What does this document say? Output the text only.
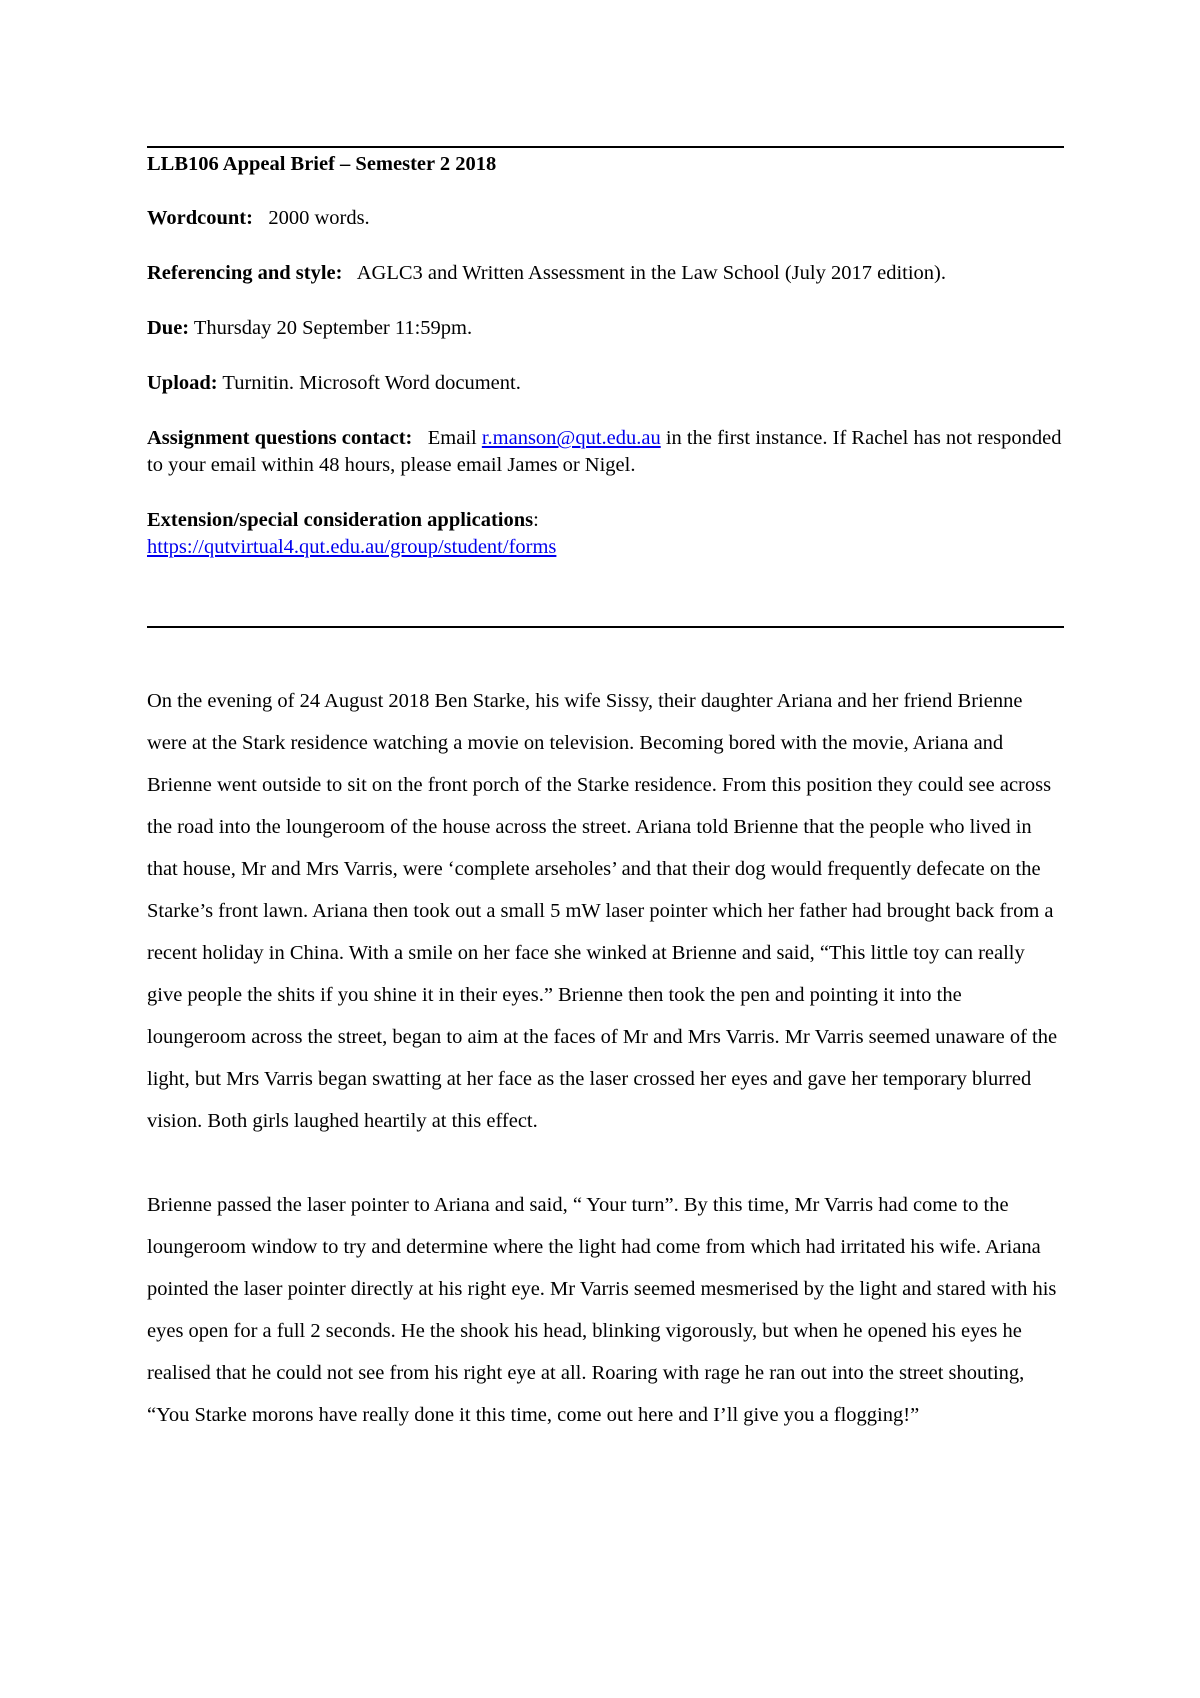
LLB106 Appeal Brief – Semester 2 2018

Wordcount: 2000 words.

Referencing and style: AGLC3 and Written Assessment in the Law School (July 2017 edition).

Due: Thursday 20 September 11:59pm.

Upload: Turnitin. Microsoft Word document.

Assignment questions contact: Email r.manson@qut.edu.au in the first instance. If Rachel has not responded to your email within 48 hours, please email James or Nigel.

Extension/special consideration applications:
https://qutvirtual4.qut.edu.au/group/student/forms

On the evening of 24 August 2018 Ben Starke, his wife Sissy, their daughter Ariana and her friend Brienne were at the Stark residence watching a movie on television. Becoming bored with the movie, Ariana and Brienne went outside to sit on the front porch of the Starke residence. From this position they could see across the road into the loungeroom of the house across the street. Ariana told Brienne that the people who lived in that house, Mr and Mrs Varris, were ‘complete arseholes’ and that their dog would frequently defecate on the Starke’s front lawn. Ariana then took out a small 5 mW laser pointer which her father had brought back from a recent holiday in China. With a smile on her face she winked at Brienne and said, “This little toy can really give people the shits if you shine it in their eyes.” Brienne then took the pen and pointing it into the loungeroom across the street, began to aim at the faces of Mr and Mrs Varris. Mr Varris seemed unaware of the light, but Mrs Varris began swatting at her face as the laser crossed her eyes and gave her temporary blurred vision. Both girls laughed heartily at this effect.

Brienne passed the laser pointer to Ariana and said, “ Your turn”. By this time, Mr Varris had come to the loungeroom window to try and determine where the light had come from which had irritated his wife. Ariana pointed the laser pointer directly at his right eye. Mr Varris seemed mesmerised by the light and stared with his eyes open for a full 2 seconds. He the shook his head, blinking vigorously, but when he opened his eyes he realised that he could not see from his right eye at all. Roaring with rage he ran out into the street shouting, “You Starke morons have really done it this time, come out here and I’ll give you a flogging!”
